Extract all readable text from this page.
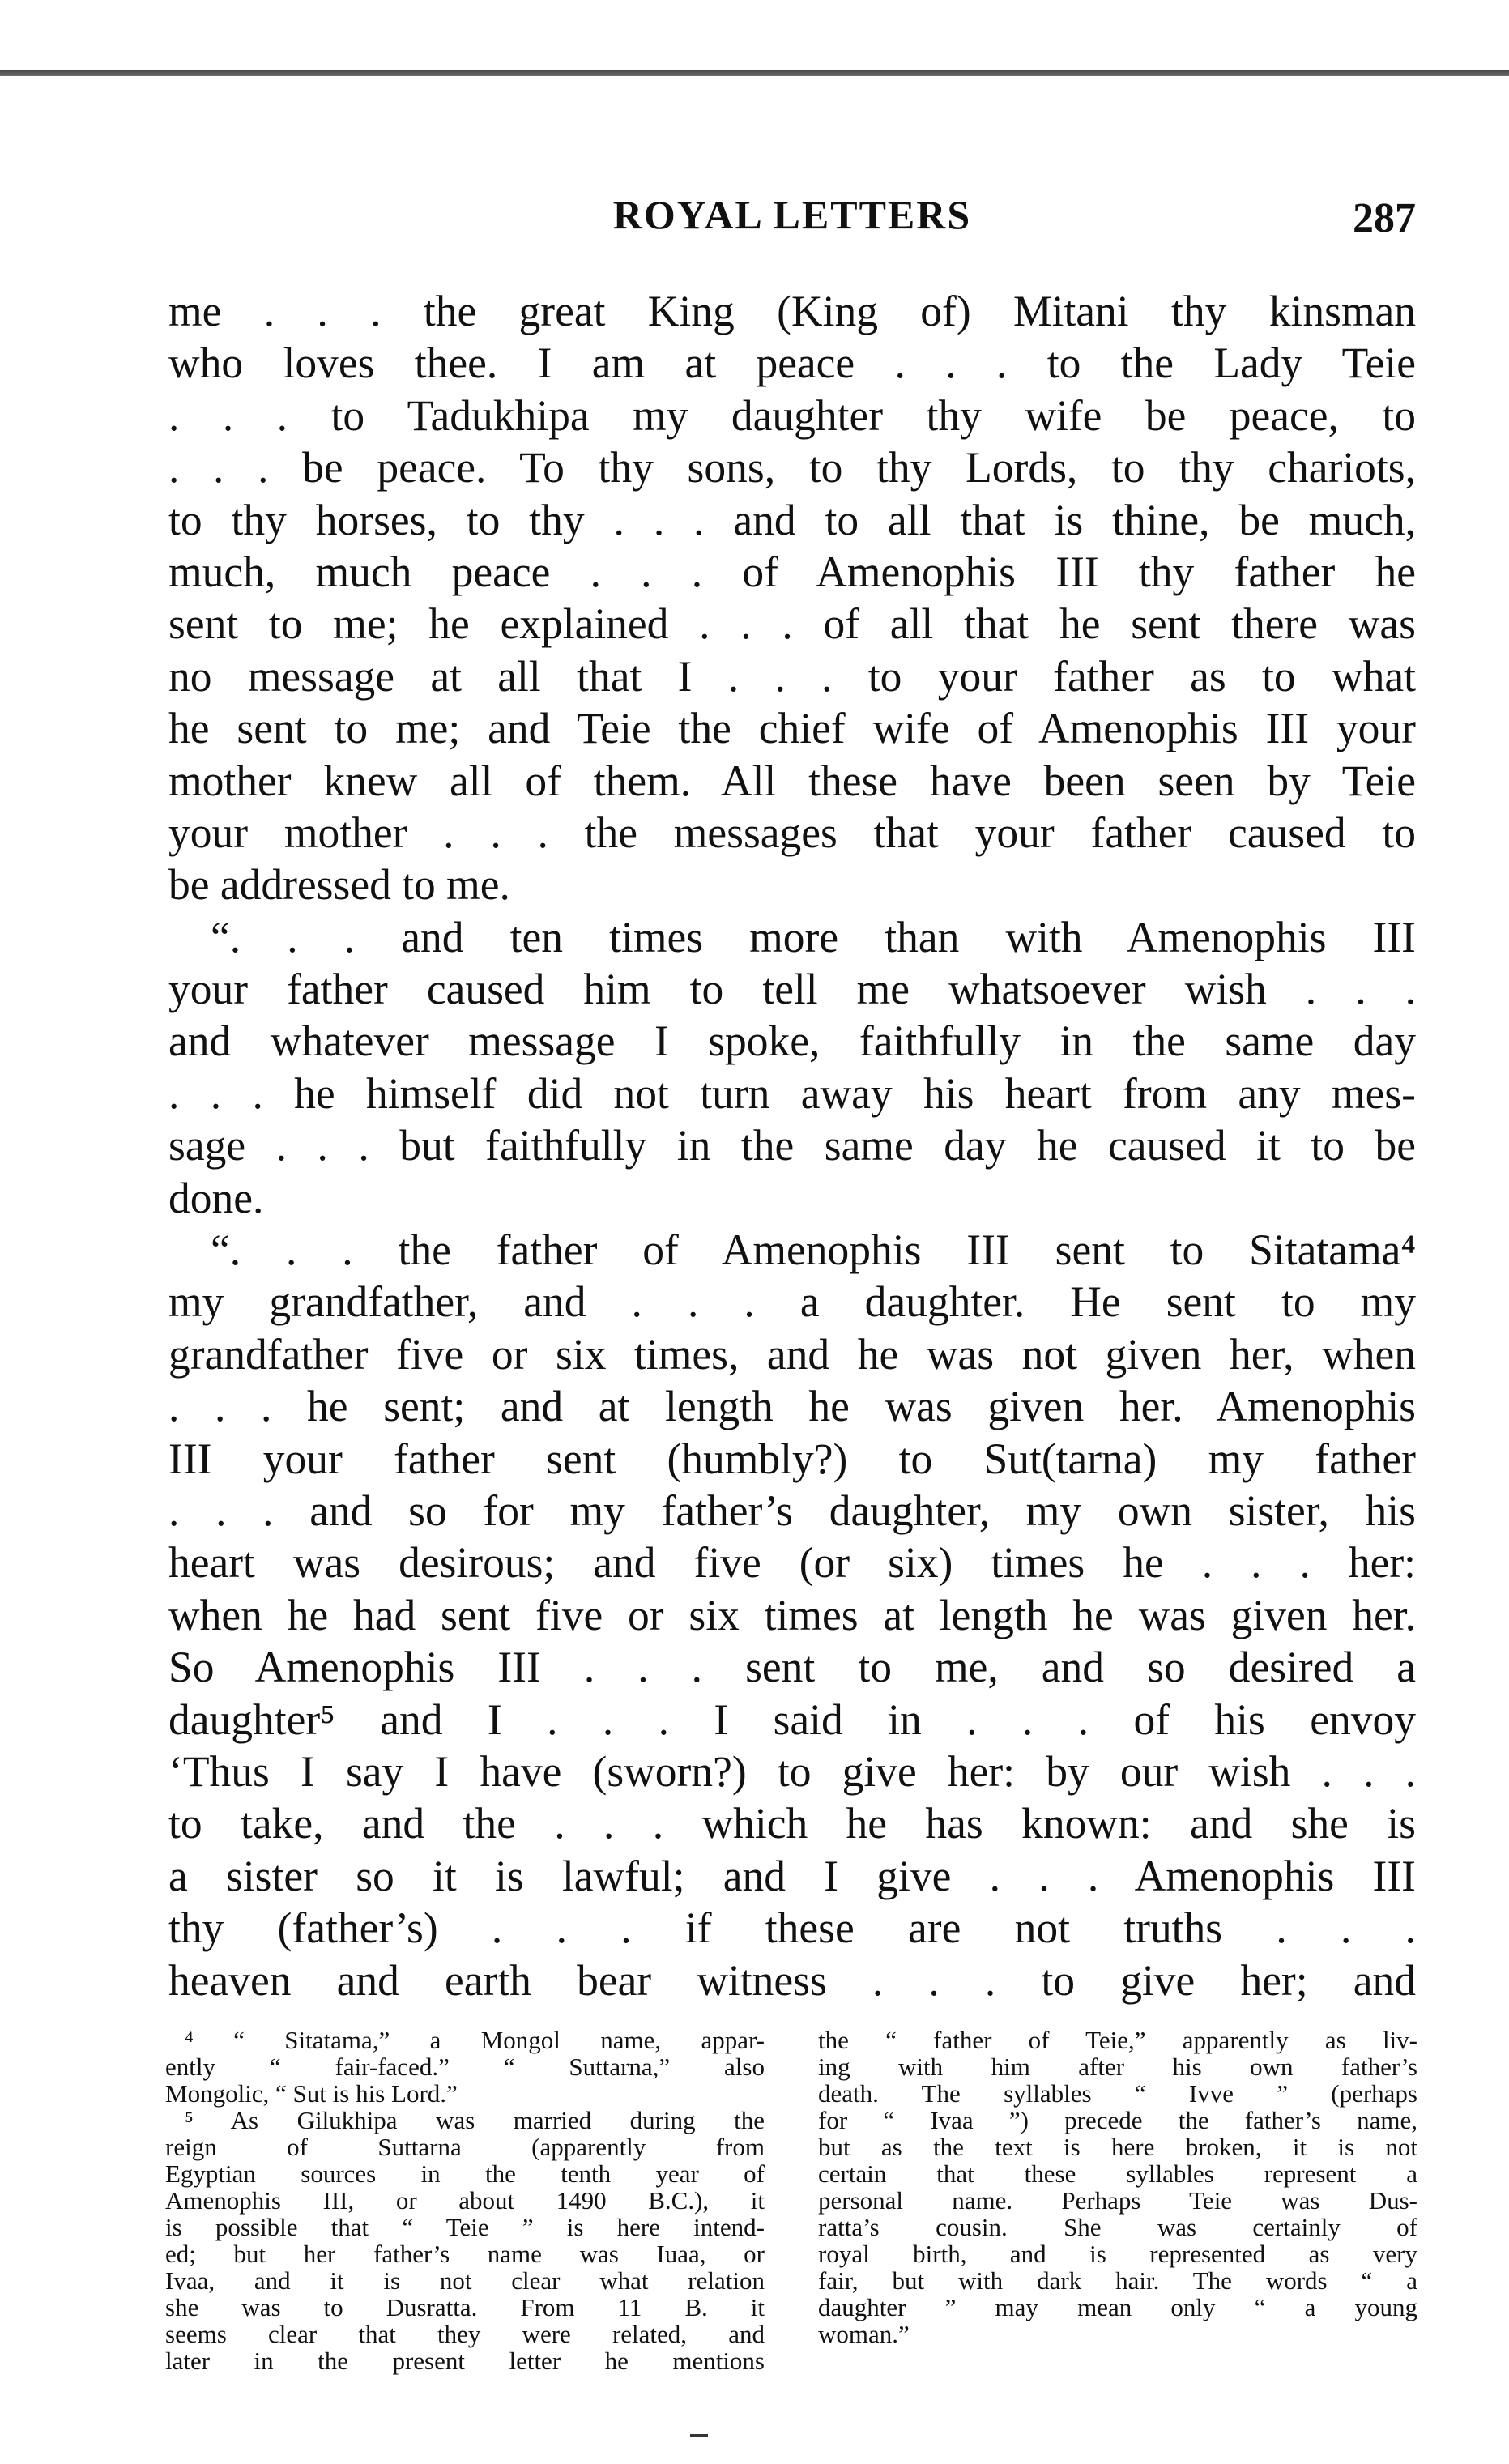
ROYAL LETTERS	287
me . . . the great King (King of) Mitani thy kinsman
who loves thee. I am at peace . . . to the Lady Teie
. . . to Tadukhipa my daughter thy wife be peace, to
. . . be peace. To thy sons, to thy Lords, to thy chariots,
to thy horses, to thy . . . and to all that is thine, be much,
much, much peace . . . of Amenophis III thy father he
sent to me; he explained . . . of all that he sent there was
no message at all that I . . . to your father as to what
he sent to me; and Teie the chief wife of Amenophis III your
mother knew all of them. All these have been seen by Teie
your mother . . . the messages that your father caused to
be addressed to me.
“. . . and ten times more than with Amenophis III
your father caused him to tell me whatsoever wish . . .
and whatever message I spoke, faithfully in the same day
. . . he himself did not turn away his heart from any mes-
sage . . . but faithfully in the same day he caused it to be
done.
“. . . the father of Amenophis III sent to Sitatama⁴
my grandfather, and . . . a daughter. He sent to my
grandfather five or six times, and he was not given her, when
. . . he sent; and at length he was given her. Amenophis
III your father sent (humbly?) to Sut(tarna) my father
. . . and so for my father’s daughter, my own sister, his
heart was desirous; and five (or six) times he . . . her:
when he had sent five or six times at length he was given her.
So Amenophis III . . . sent to me, and so desired a
daughter⁵ and I . . . I said in . . . of his envoy
‘Thus I say I have (sworn?) to give her: by our wish . . .
to take, and the . . . which he has known: and she is
a sister so it is lawful; and I give . . . Amenophis III
thy (father’s) . . . if these are not truths . . .
heaven and earth bear witness . . . to give her; and
⁴ “ Sitatama,” a Mongol name, appar-
ently “ fair-faced.” “ Suttarna,” also
Mongolic, “ Sut is his Lord.”
⁵ As Gilukhipa was married during the
reign of Suttarna (apparently from
Egyptian sources in the tenth year of
Amenophis III, or about 1490 B.C.), it
is possible that “ Teie ” is here intend-
ed; but her father’s name was Iuaa, or
Ivaa, and it is not clear what relation
she was to Dusratta. From 11 B. it
seems clear that they were related, and
later in the present letter he mentions
the “ father of Teie,” apparently as liv-
ing with him after his own father’s
death. The syllables “ Ivve ” (perhaps
for “ Ivaa ”) precede the father’s name,
but as the text is here broken, it is not
certain that these syllables represent a
personal name. Perhaps Teie was Dus-
ratta’s cousin. She was certainly of
royal birth, and is represented as very
fair, but with dark hair. The words “ a
daughter ” may mean only “ a young
woman.”
